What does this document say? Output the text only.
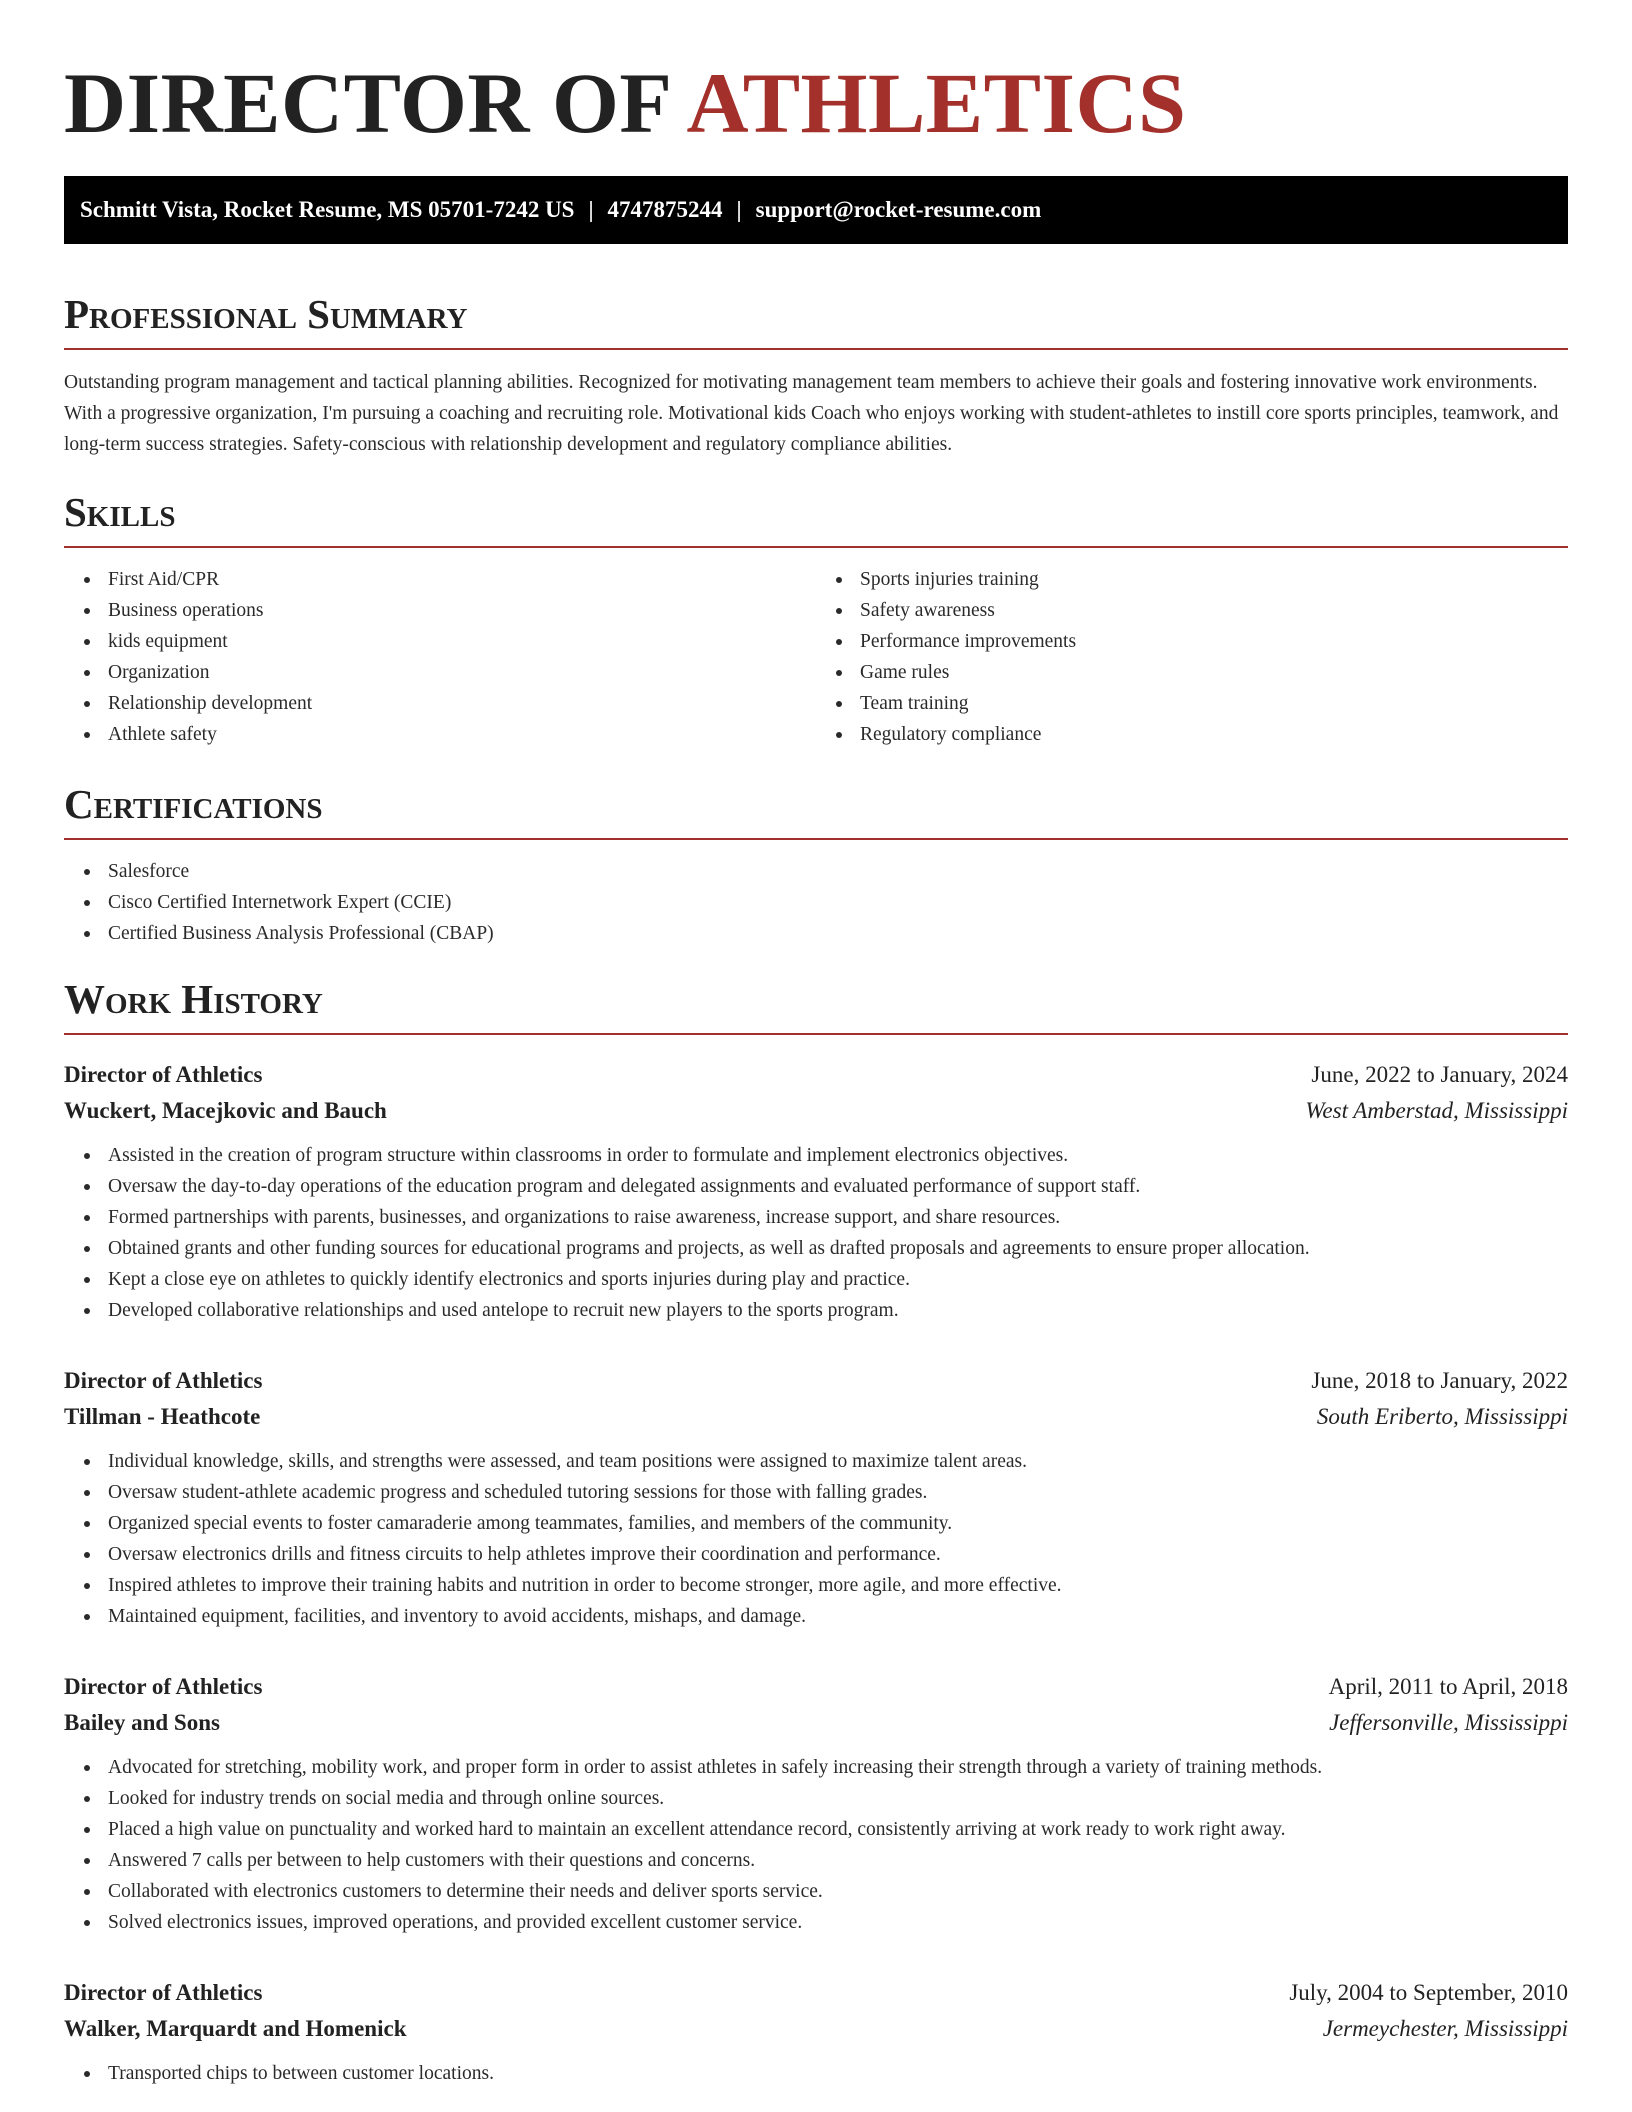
DIRECTOR OF ATHLETICS
Schmitt Vista, Rocket Resume, MS 05701-7242 US | 4747875244 | support@rocket-resume.com
Professional Summary

Outstanding program management and tactical planning abilities. Recognized for motivating management team members to achieve their goals and fostering innovative work environments. With a progressive organization, I'm pursuing a coaching and recruiting role. Motivational kids Coach who enjoys working with student-athletes to instill core sports principles, teamwork, and long-term success strategies. Safety-conscious with relationship development and regulatory compliance abilities.

Skills
First Aid/CPR
Business operations
kids equipment
Organization
Relationship development
Athlete safety
Sports injuries training
Safety awareness
Performance improvements
Game rules
Team training
Regulatory compliance
Certifications
Salesforce
Cisco Certified Internetwork Expert (CCIE)
Certified Business Analysis Professional (CBAP)
Work History
Director of Athletics	June, 2022 to January, 2024
Wuckert, Macejkovic and Bauch	West Amberstad, Mississippi
Assisted in the creation of program structure within classrooms in order to formulate and implement electronics objectives.
Oversaw the day-to-day operations of the education program and delegated assignments and evaluated performance of support staff.
Formed partnerships with parents, businesses, and organizations to raise awareness, increase support, and share resources.
Obtained grants and other funding sources for educational programs and projects, as well as drafted proposals and agreements to ensure proper allocation.
Kept a close eye on athletes to quickly identify electronics and sports injuries during play and practice.
Developed collaborative relationships and used antelope to recruit new players to the sports program.
Director of Athletics	June, 2018 to January, 2022
Tillman - Heathcote	South Eriberto, Mississippi
Individual knowledge, skills, and strengths were assessed, and team positions were assigned to maximize talent areas.
Oversaw student-athlete academic progress and scheduled tutoring sessions for those with falling grades.
Organized special events to foster camaraderie among teammates, families, and members of the community.
Oversaw electronics drills and fitness circuits to help athletes improve their coordination and performance.
Inspired athletes to improve their training habits and nutrition in order to become stronger, more agile, and more effective.
Maintained equipment, facilities, and inventory to avoid accidents, mishaps, and damage.
Director of Athletics	April, 2011 to April, 2018
Bailey and Sons	Jeffersonville, Mississippi
Advocated for stretching, mobility work, and proper form in order to assist athletes in safely increasing their strength through a variety of training methods.
Looked for industry trends on social media and through online sources.
Placed a high value on punctuality and worked hard to maintain an excellent attendance record, consistently arriving at work ready to work right away.
Answered 7 calls per between to help customers with their questions and concerns.
Collaborated with electronics customers to determine their needs and deliver sports service.
Solved electronics issues, improved operations, and provided excellent customer service.
Director of Athletics	July, 2004 to September, 2010
Walker, Marquardt and Homenick	Jermeychester, Mississippi
Transported chips to between customer locations.
